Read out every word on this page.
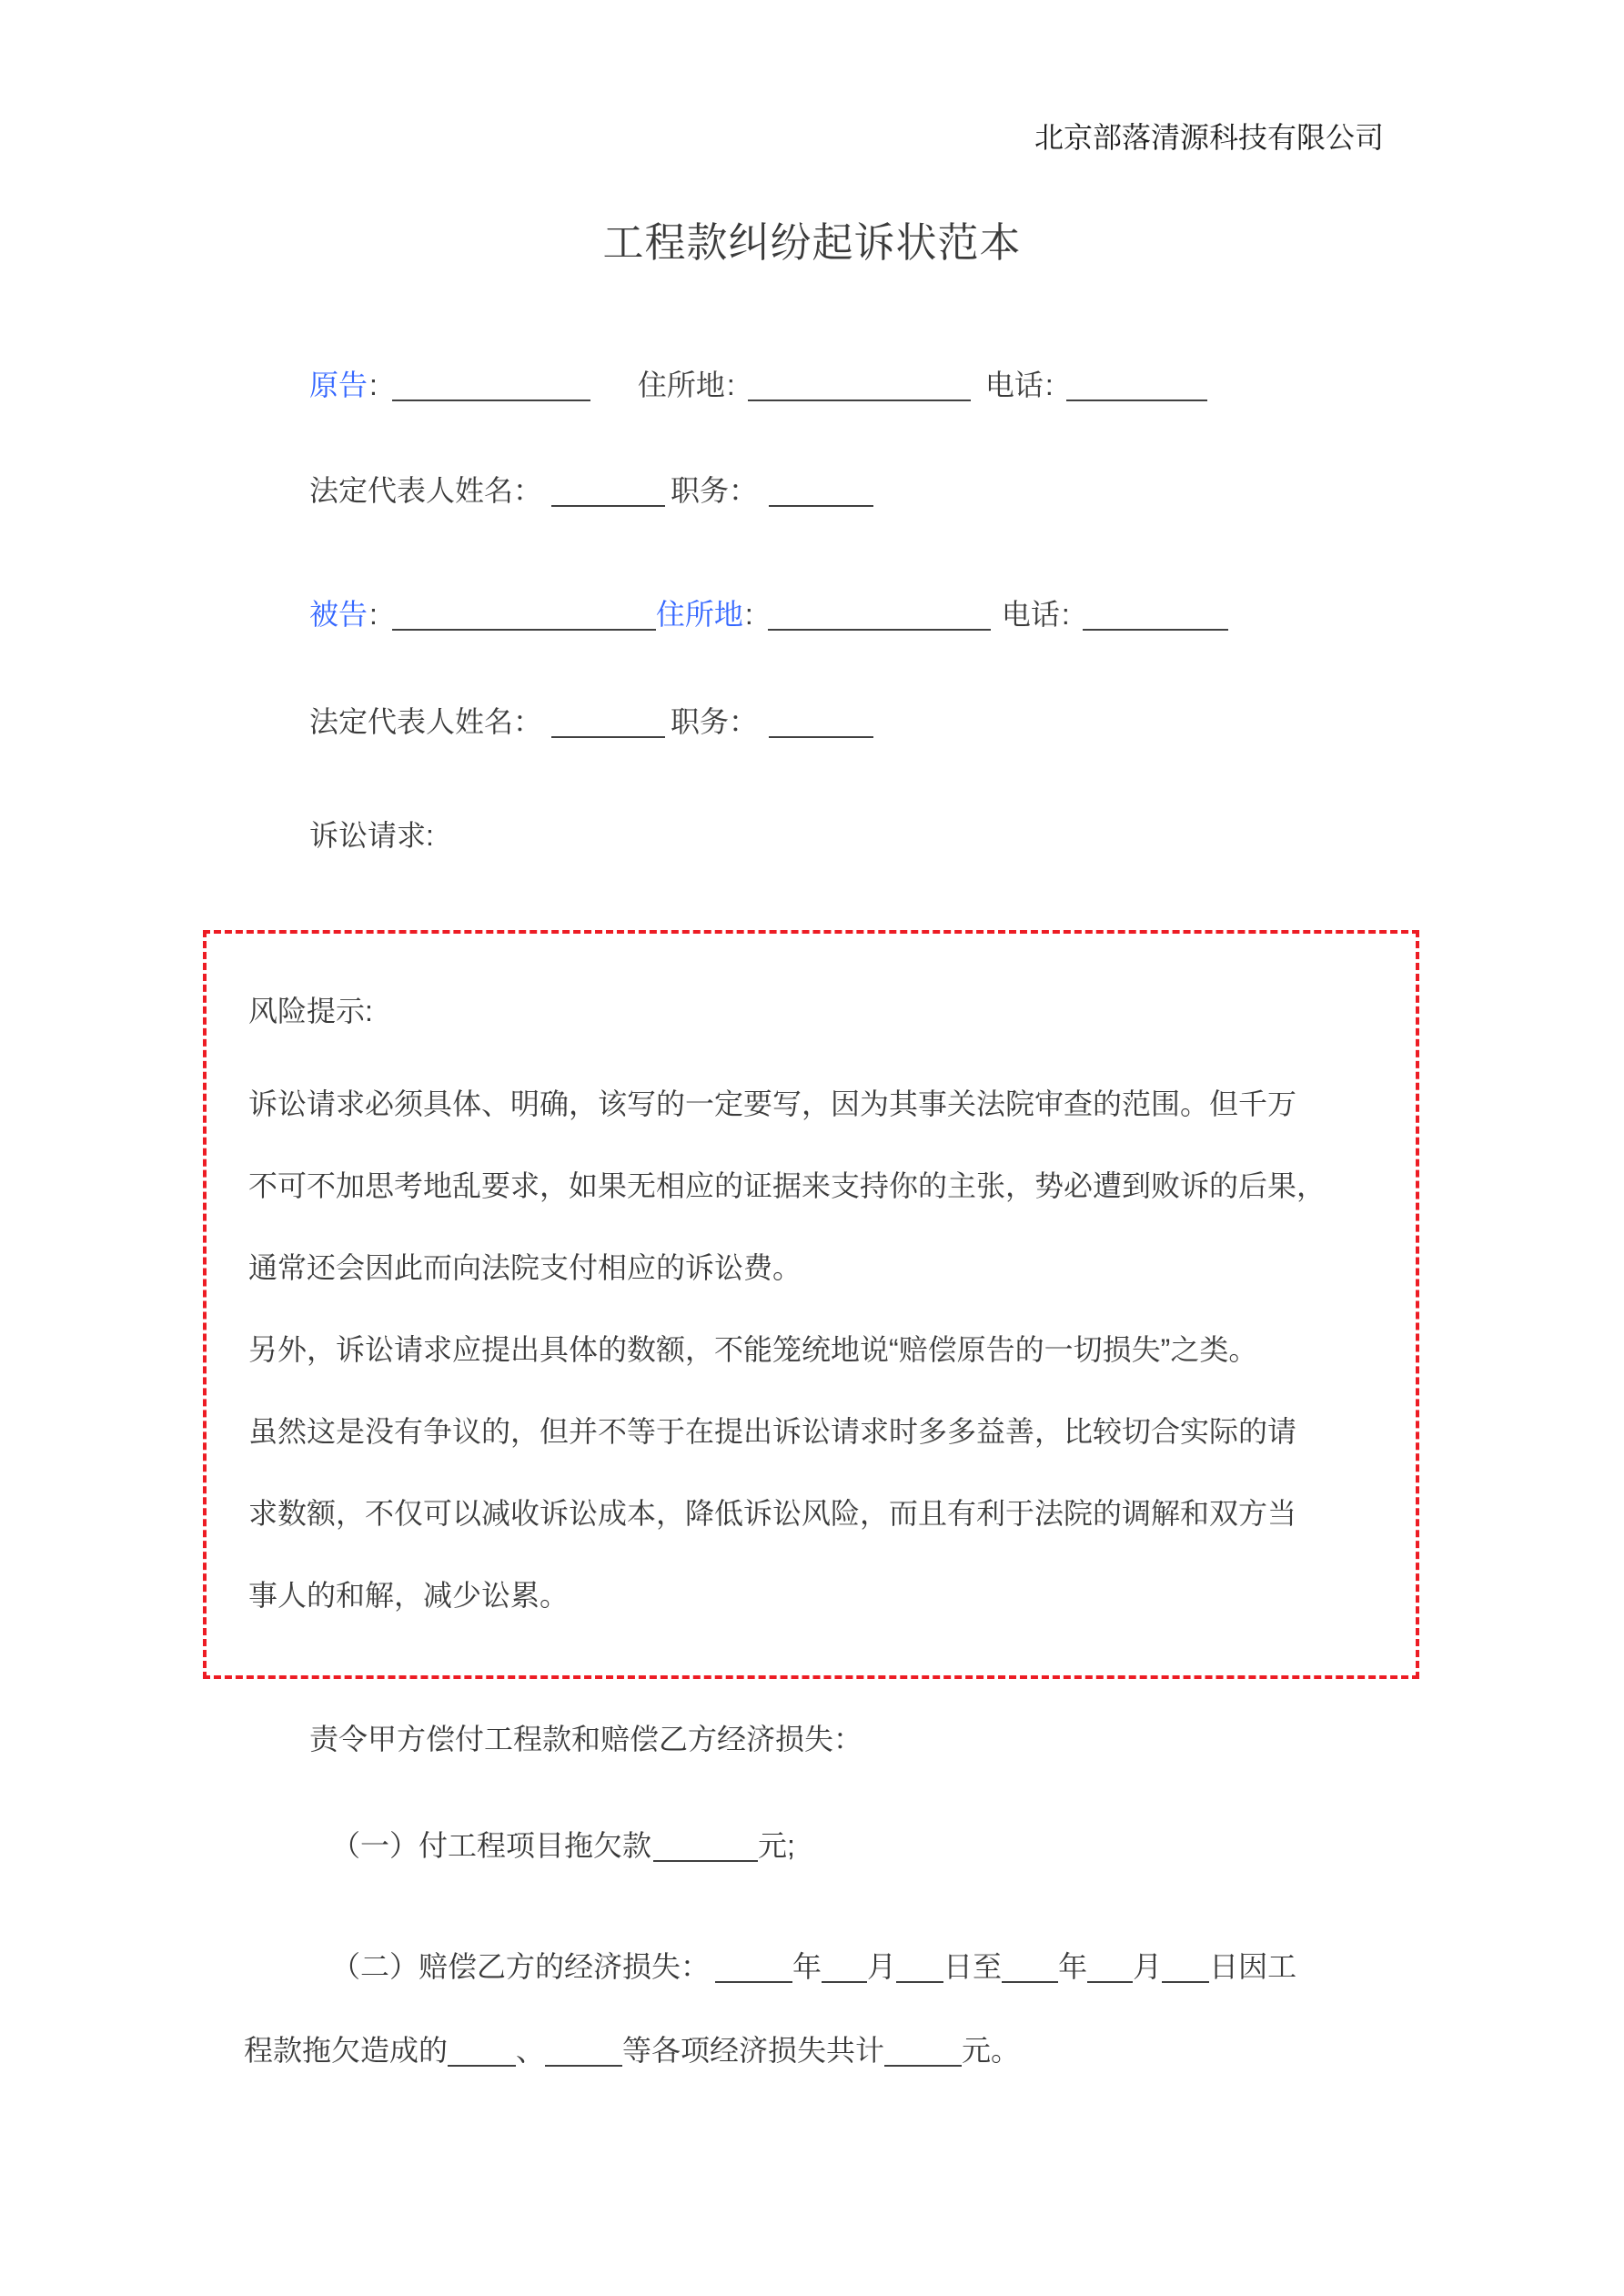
北京部落清源科技有限公司
工程款纠纷起诉状范本
原告:	住所地:	电话:
法定代表人姓名：	职务：
被告:	住所地:	电话:
法定代表人姓名：	职务：
诉讼请求:
风险提示:
诉讼请求必须具体、明确，该写的一定要写，因为其事关法院审查的范围。但千万
不可不加思考地乱要求，如果无相应的证据来支持你的主张，势必遭到败诉的后果，
通常还会因此而向法院支付相应的诉讼费。
另外，诉讼请求应提出具体的数额，不能笼统地说“赔偿原告的一切损失”之类。
虽然这是没有争议的，但并不等于在提出诉讼请求时多多益善，比较切合实际的请
求数额，不仅可以减收诉讼成本，降低诉讼风险，而且有利于法院的调解和双方当
事人的和解，减少讼累。
责令甲方偿付工程款和赔偿乙方经济损失：
（一）付工程项目拖欠款	元;
（二）赔偿乙方的经济损失：	年 月 日至 年 月 日因工
程款拖欠造成的 、	等各项经济损失共计	元。
